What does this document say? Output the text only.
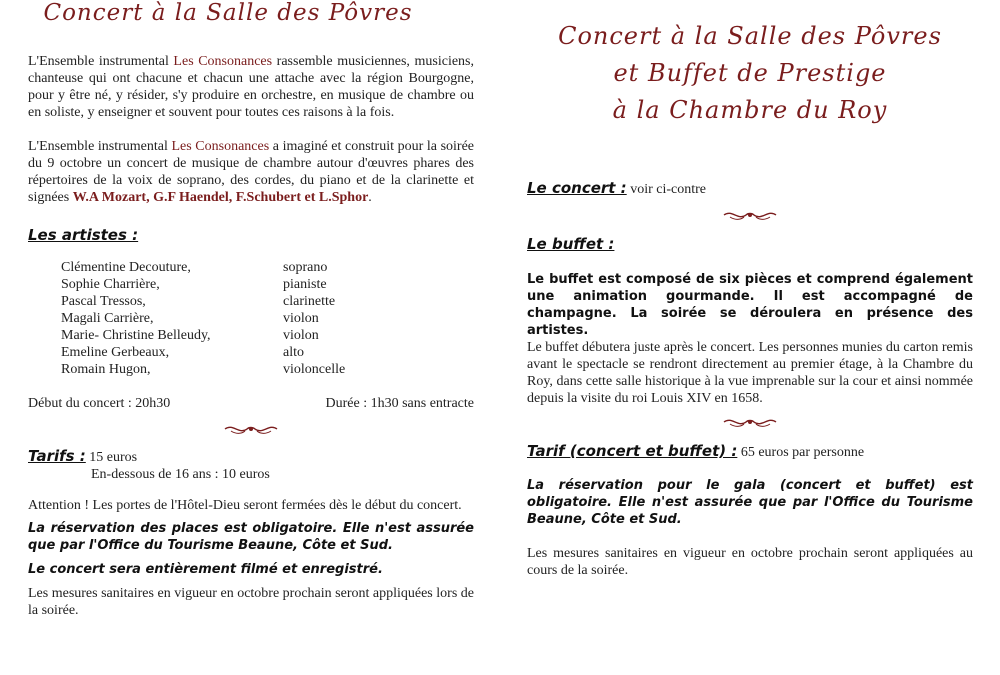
Concert à la Salle des Pôvres

L'Ensemble instrumental Les Consonances rassemble musiciennes, musiciens, chanteuse qui ont chacune et chacun une attache avec la région Bourgogne, pour y être né, y résider, s'y produire en orchestre, en musique de chambre ou en soliste, y enseigner et souvent pour toutes ces raisons à la fois.

L'Ensemble instrumental Les Consonances a imaginé et construit pour la soirée du 9 octobre un concert de musique de chambre autour d'œuvres phares des répertoires de la voix de soprano, des cordes, du piano et de la clarinette et signées W.A Mozart, G.F Haendel, F.Schubert et L.Sphor.

Les artistes :
Clémentine Decouture,	soprano
Sophie Charrière,	pianiste
Pascal Tressos,	clarinette
Magali Carrière,	violon
Marie- Christine Belleudy,	violon
Emeline Gerbeaux,	alto
Romain Hugon,	violoncelle
Début du concert : 20h30	Durée : 1h30 sans entracte
Tarifs : 15 euros
En-dessous de 16 ans : 10 euros

Attention ! Les portes de l'Hôtel-Dieu seront fermées dès le début du concert.

La réservation des places est obligatoire. Elle n'est assurée que par l'Office du Tourisme Beaune, Côte et Sud.

Le concert sera entièrement filmé et enregistré.

Les mesures sanitaires en vigueur en octobre prochain seront appliquées lors de la soirée.

Concert à la Salle des Pôvres
et Buffet de Prestige
à la Chambre du Roy
Le concert : voir ci-contre
Le buffet :

Le buffet est composé de six pièces et comprend également une animation gourmande. Il est accompagné de champagne. La soirée se déroulera en présence des artistes.

Le buffet débutera juste après le concert. Les personnes munies du carton remis avant le spectacle se rendront directement au premier étage, à la Chambre du Roy, dans cette salle historique à la vue imprenable sur la cour et ainsi nommée depuis la visite du roi Louis XIV en 1658.

Tarif (concert et buffet) : 65 euros par personne

La réservation pour le gala (concert et buffet) est obligatoire. Elle n'est assurée que par l'Office du Tourisme Beaune, Côte et Sud.

Les mesures sanitaires en vigueur en octobre prochain seront appliquées au cours de la soirée.
